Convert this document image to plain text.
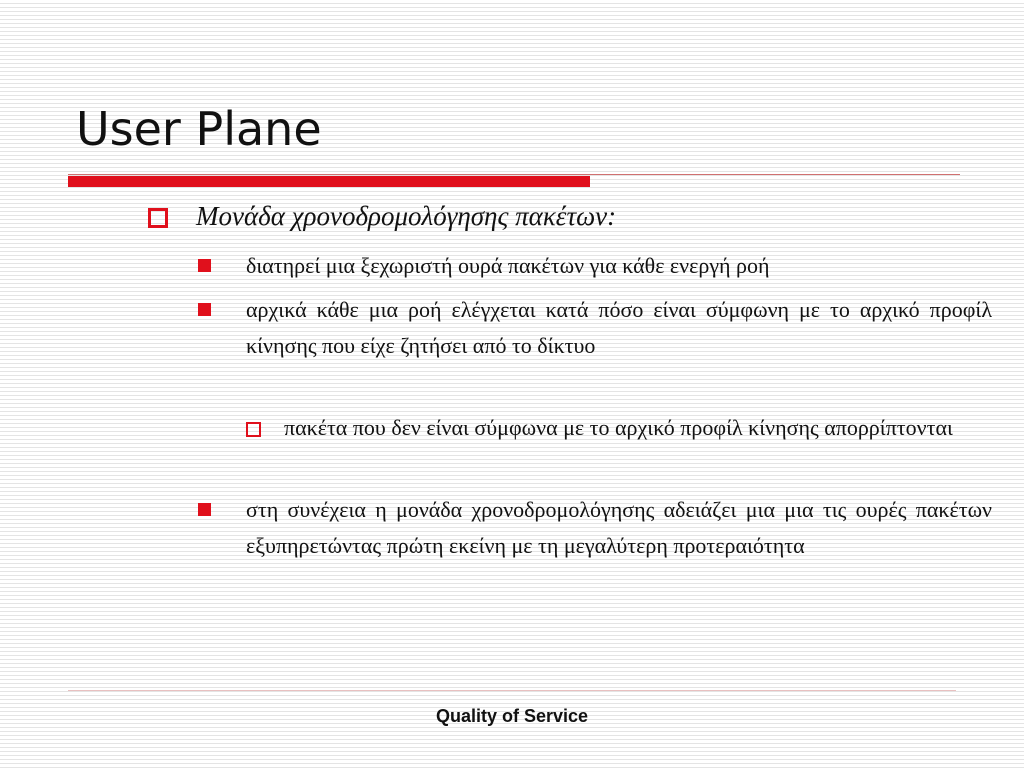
User Plane
Μονάδα χρονοδρομολόγησης πακέτων:
διατηρεί μια ξεχωριστή ουρά πακέτων για κάθε ενεργή ροή
αρχικά κάθε μια ροή ελέγχεται κατά πόσο είναι σύμφωνη με το αρχικό προφίλ κίνησης που είχε ζητήσει από το δίκτυο
πακέτα που δεν είναι σύμφωνα με το αρχικό προφίλ κίνησης απορρίπτονται
στη συνέχεια η μονάδα χρονοδρομολόγησης αδειάζει μια μια τις ουρές πακέτων εξυπηρετώντας πρώτη εκείνη με τη μεγαλύτερη προτεραιότητα
Quality of Service
